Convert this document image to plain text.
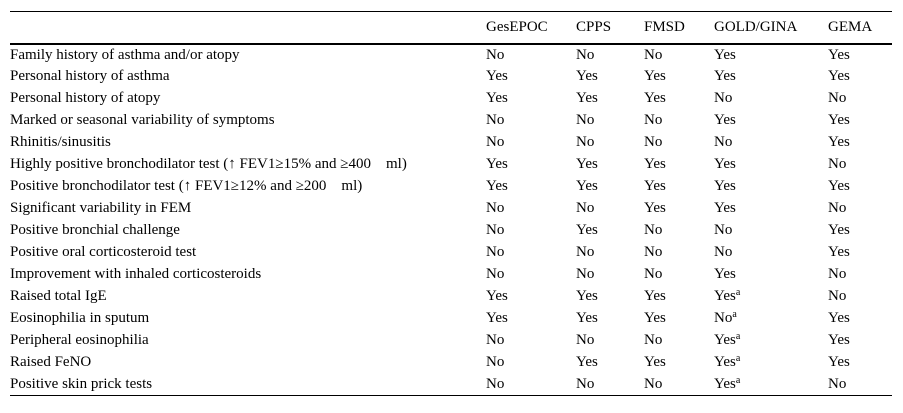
	GesEPOC	CPPS	FMSD	GOLD/GINA	GEMA
Family history of asthma and/or atopy	No	No	No	Yes	Yes
Personal history of asthma	Yes	Yes	Yes	Yes	Yes
Personal history of atopy	Yes	Yes	Yes	No	No
Marked or seasonal variability of symptoms	No	No	No	Yes	Yes
Rhinitis/sinusitis	No	No	No	No	Yes
Highly positive bronchodilator test (↑ FEV1≥15% and ≥400 ml)	Yes	Yes	Yes	Yes	No
Positive bronchodilator test (↑ FEV1≥12% and ≥200 ml)	Yes	Yes	Yes	Yes	Yes
Significant variability in FEM	No	No	Yes	Yes	No
Positive bronchial challenge	No	Yes	No	No	Yes
Positive oral corticosteroid test	No	No	No	No	Yes
Improvement with inhaled corticosteroids	No	No	No	Yes	No
Raised total IgE	Yes	Yes	Yes	Yes$^a$	No
Eosinophilia in sputum	Yes	Yes	Yes	No$^a$	Yes
Peripheral eosinophilia	No	No	No	Yes$^a$	Yes
Raised FeNO	No	Yes	Yes	Yes$^a$	Yes
Positive skin prick tests	No	No	No	Yes$^a$	No
